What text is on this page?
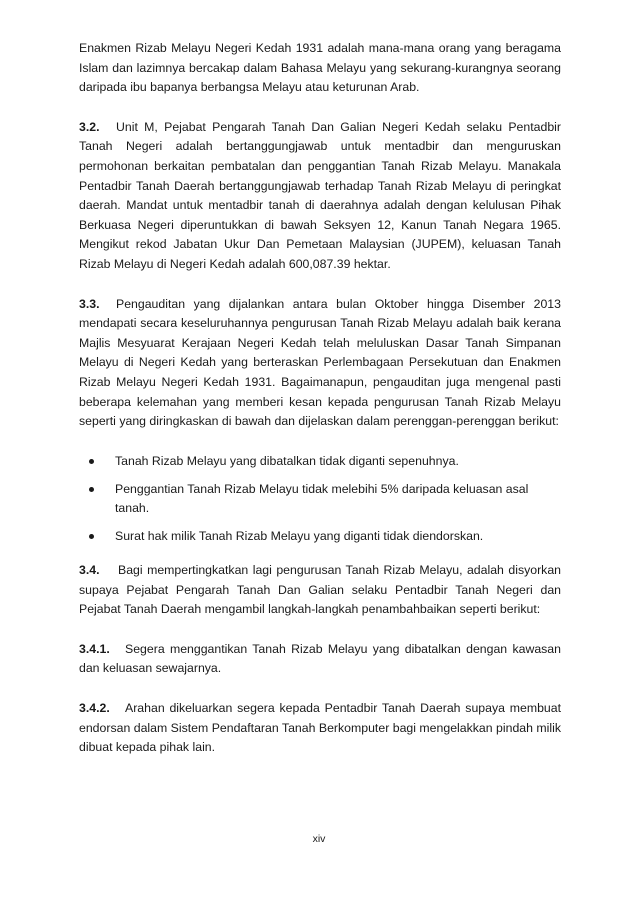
Enakmen Rizab Melayu Negeri Kedah 1931 adalah mana-mana orang yang beragama Islam dan lazimnya bercakap dalam Bahasa Melayu yang sekurang-kurangnya seorang daripada ibu bapanya berbangsa Melayu atau keturunan Arab.

3.2. Unit M, Pejabat Pengarah Tanah Dan Galian Negeri Kedah selaku Pentadbir Tanah Negeri adalah bertanggungjawab untuk mentadbir dan menguruskan permohonan berkaitan pembatalan dan penggantian Tanah Rizab Melayu. Manakala Pentadbir Tanah Daerah bertanggungjawab terhadap Tanah Rizab Melayu di peringkat daerah. Mandat untuk mentadbir tanah di daerahnya adalah dengan kelulusan Pihak Berkuasa Negeri diperuntukkan di bawah Seksyen 12, Kanun Tanah Negara 1965. Mengikut rekod Jabatan Ukur Dan Pemetaan Malaysian (JUPEM), keluasan Tanah Rizab Melayu di Negeri Kedah adalah 600,087.39 hektar.

3.3. Pengauditan yang dijalankan antara bulan Oktober hingga Disember 2013 mendapati secara keseluruhannya pengurusan Tanah Rizab Melayu adalah baik kerana Majlis Mesyuarat Kerajaan Negeri Kedah telah meluluskan Dasar Tanah Simpanan Melayu di Negeri Kedah yang berteraskan Perlembagaan Persekutuan dan Enakmen Rizab Melayu Negeri Kedah 1931. Bagaimanapun, pengauditan juga mengenal pasti beberapa kelemahan yang memberi kesan kepada pengurusan Tanah Rizab Melayu seperti yang diringkaskan di bawah dan dijelaskan dalam perenggan-perenggan berikut:

Tanah Rizab Melayu yang dibatalkan tidak diganti sepenuhnya.
Penggantian Tanah Rizab Melayu tidak melebihi 5% daripada keluasan asal tanah.
Surat hak milik Tanah Rizab Melayu yang diganti tidak diendorskan.

3.4. Bagi mempertingkatkan lagi pengurusan Tanah Rizab Melayu, adalah disyorkan supaya Pejabat Pengarah Tanah Dan Galian selaku Pentadbir Tanah Negeri dan Pejabat Tanah Daerah mengambil langkah-langkah penambahbaikan seperti berikut:

3.4.1. Segera menggantikan Tanah Rizab Melayu yang dibatalkan dengan kawasan dan keluasan sewajarnya.

3.4.2. Arahan dikeluarkan segera kepada Pentadbir Tanah Daerah supaya membuat endorsan dalam Sistem Pendaftaran Tanah Berkomputer bagi mengelakkan pindah milik dibuat kepada pihak lain.

xiv
